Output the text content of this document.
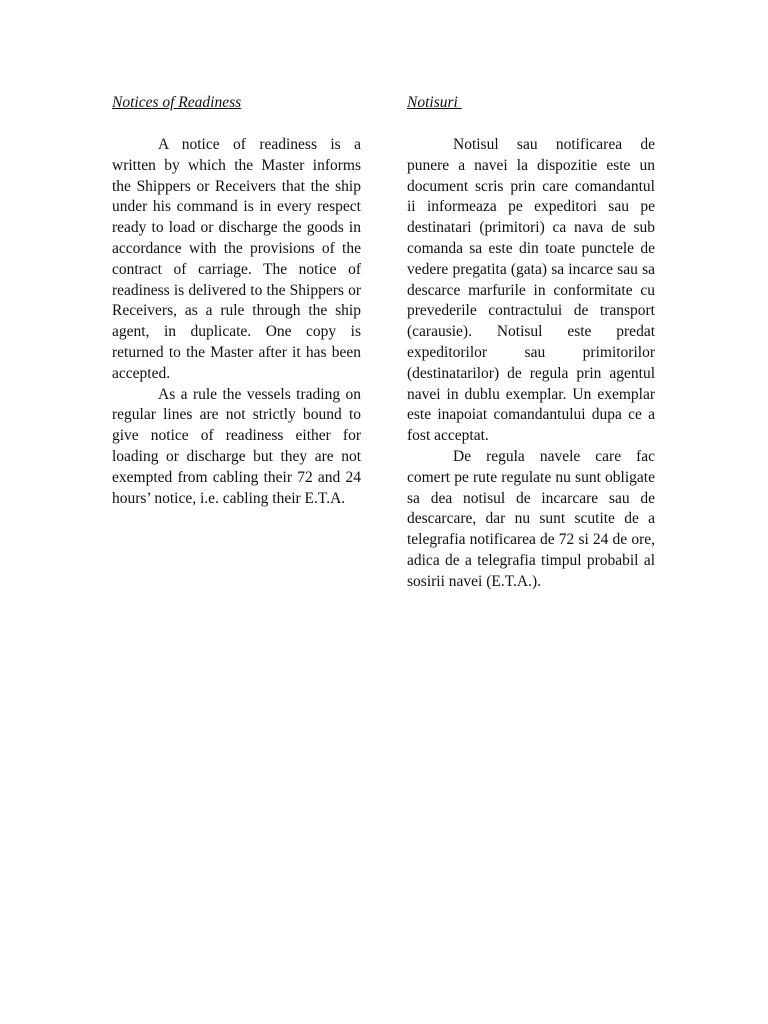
Notices of Readiness

A notice of readiness is a written by which the Master informs the Shippers or Receivers that the ship under his command is in every respect ready to load or discharge the goods in accordance with the provisions of the contract of carriage. The notice of readiness is delivered to the Shippers or Receivers, as a rule through the ship agent, in duplicate. One copy is returned to the Master after it has been accepted.

As a rule the vessels trading on regular lines are not strictly bound to give notice of readiness either for loading or discharge but they are not exempted from cabling their 72 and 24 hours’ notice, i.e. cabling their E.T.A.

Notisuri

Notisul sau notificarea de punere a navei la dispozitie este un document scris prin care comandantul ii informeaza pe expeditori sau pe destinatari (primitori) ca nava de sub comanda sa este din toate punctele de vedere pregatita (gata) sa incarce sau sa descarce marfurile in conformitate cu prevederile contractului de transport (carausie). Notisul este predat expeditorilor sau primitorilor (destinatarilor) de regula prin agentul navei in dublu exemplar. Un exemplar este inapoiat comandantului dupa ce a fost acceptat.

De regula navele care fac comert pe rute regulate nu sunt obligate sa dea notisul de incarcare sau de descarcare, dar nu sunt scutite de a telegrafia notificarea de 72 si 24 de ore, adica de a telegrafia timpul probabil al sosirii navei (E.T.A.).
